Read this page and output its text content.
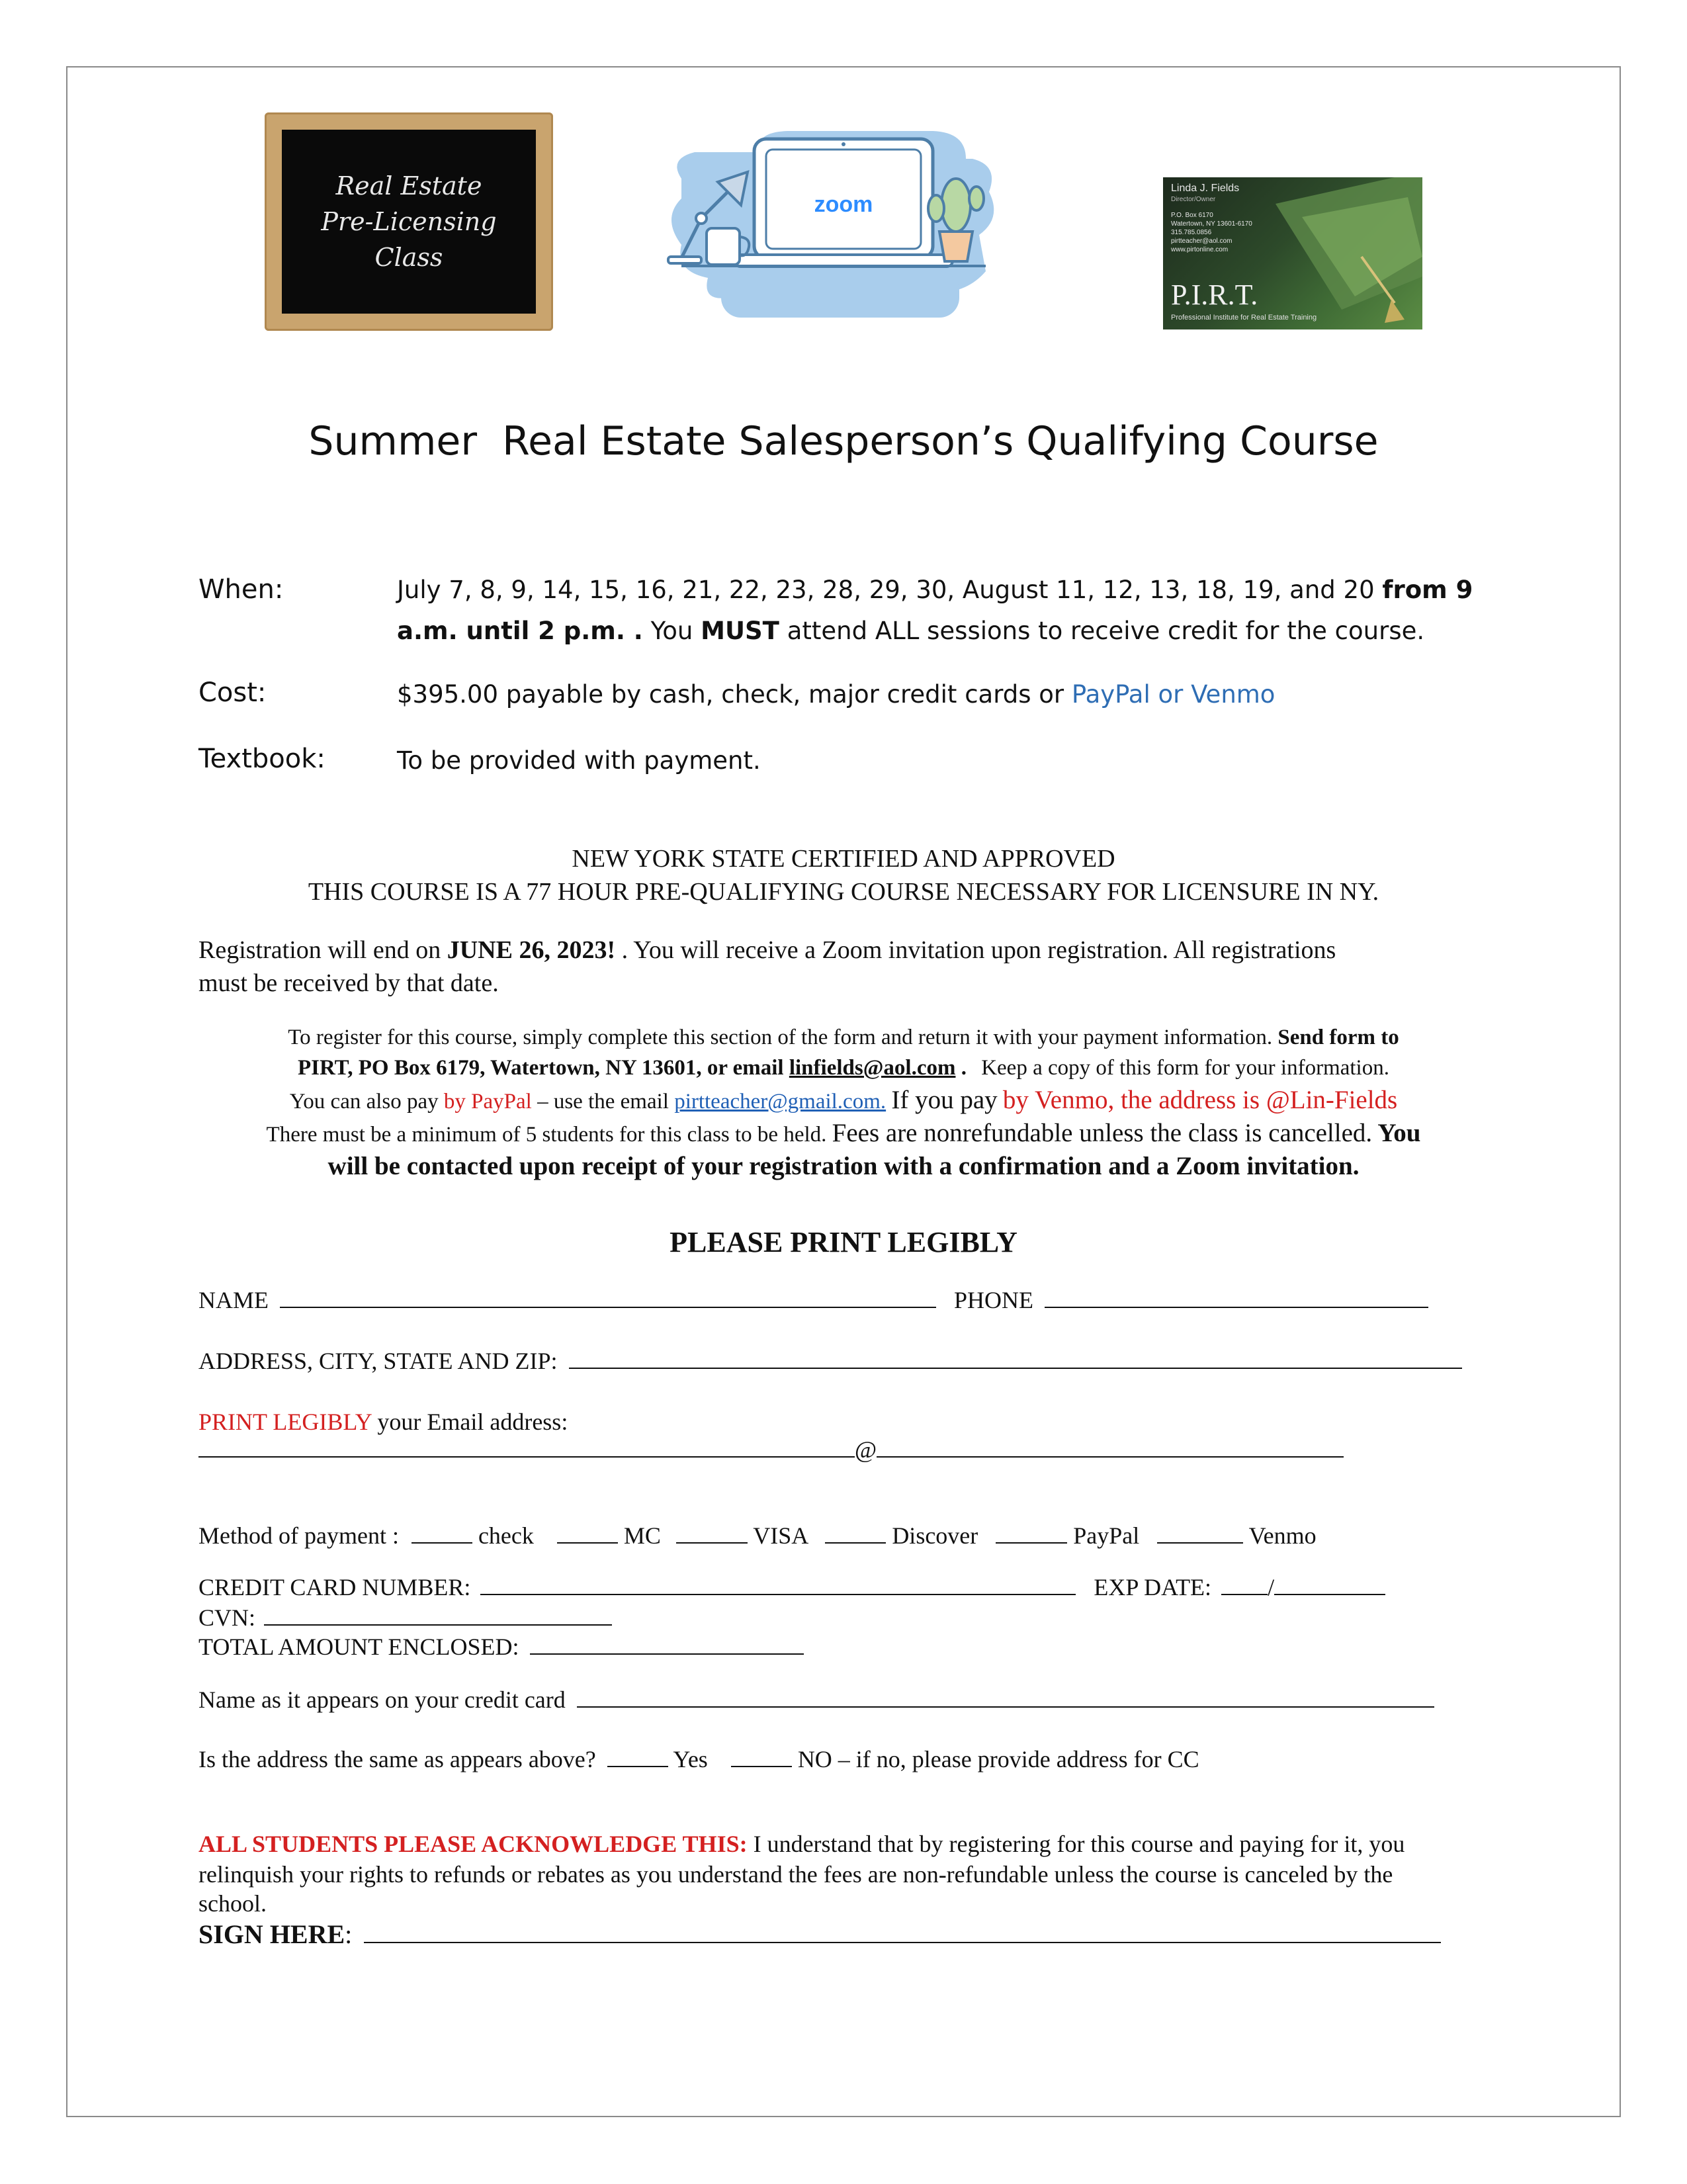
Real Estate
Pre-Licensing
Class
zoom
Linda J. Fields
Director/Owner
P.O. Box 6170
Watertown, NY 13601-6170
315.785.0856
pirtteacher@aol.com
www.pirtonline.com
P.I.R.T.
Professional Institute for Real Estate Training
Summer  Real Estate Salesperson’s Qualifying Course
When:	July 7, 8, 9, 14, 15, 16, 21, 22, 23, 28, 29, 30, August 11, 12, 13, 18, 19, and 20 from 9
a.m. until 2 p.m. . You MUST attend ALL sessions to receive credit for the course.
Cost:	$395.00 payable by cash, check, major credit cards or PayPal or Venmo
Textbook:	To be provided with payment.
NEW YORK STATE CERTIFIED AND APPROVED
THIS COURSE IS A 77 HOUR PRE-QUALIFYING COURSE NECESSARY FOR LICENSURE IN NY.
Registration will end on JUNE 26, 2023! . You will receive a Zoom invitation upon registration. All registrations
must be received by that date.
To register for this course, simply complete this section of the form and return it with your payment information. Send form to
PIRT, PO Box 6179, Watertown, NY 13601, or email linfields@aol.com . Keep a copy of this form for your information.
You can also pay by PayPal – use the email pirtteacher@gmail.com. If you pay by Venmo, the address is @Lin-Fields
There must be a minimum of 5 students for this class to be held. Fees are nonrefundable unless the class is cancelled. You
will be contacted upon receipt of your registration with a confirmation and a Zoom invitation.
PLEASE PRINT LEGIBLY
NAME	PHONE
ADDRESS, CITY, STATE AND ZIP:
PRINT LEGIBLY your Email address:
@
Method of payment :	check	MC	VISA	Discover	PayPal	Venmo
CREDIT CARD NUMBER:	EXP DATE: /
CVN:
TOTAL AMOUNT ENCLOSED:
Name as it appears on your credit card
Is the address the same as appears above?	Yes	NO – if no, please provide address for CC
ALL STUDENTS PLEASE ACKNOWLEDGE THIS: I understand that by registering for this course and paying for it, you
relinquish your rights to refunds or rebates as you understand the fees are non-refundable unless the course is canceled by the
school.
SIGN HERE:
